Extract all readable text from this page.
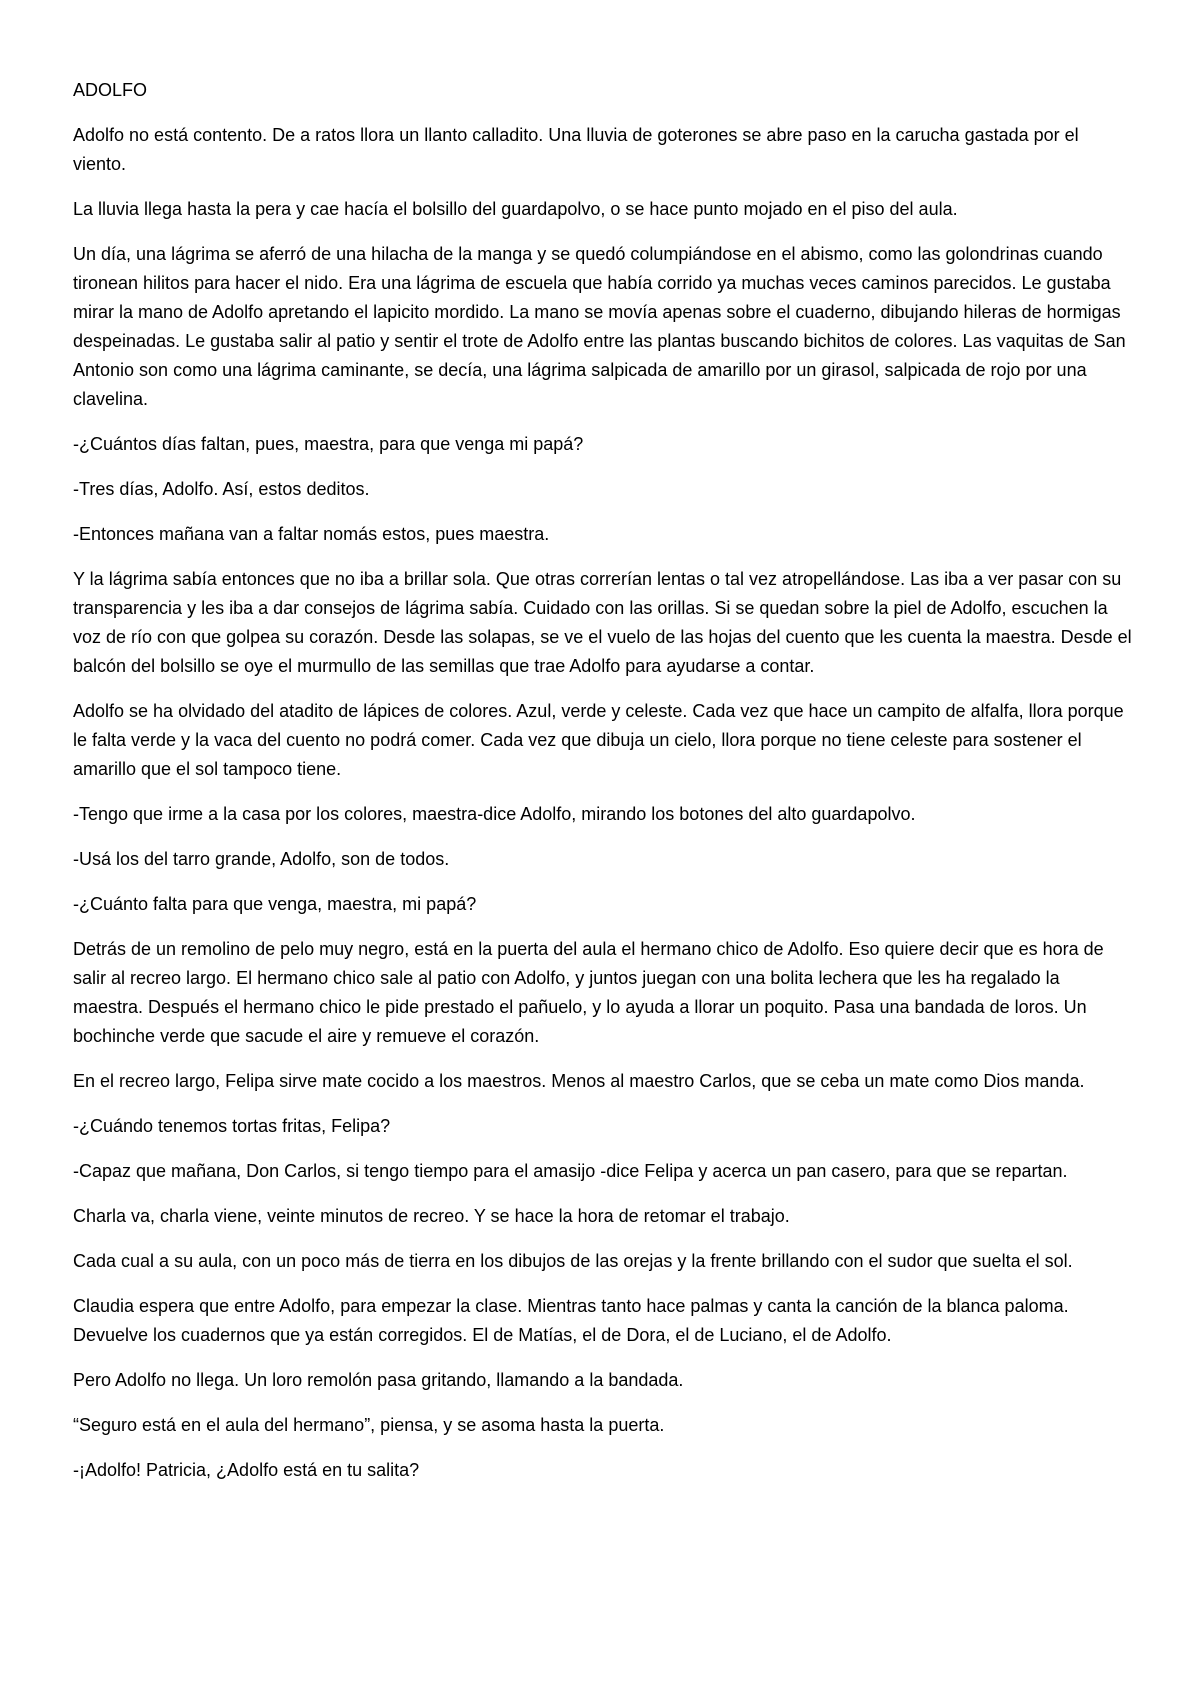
ADOLFO

Adolfo no está contento. De a ratos llora un llanto calladito. Una lluvia de goterones se abre paso en la carucha gastada por el viento.

La lluvia llega hasta la pera y cae hacía el bolsillo del guardapolvo, o se hace punto mojado en el piso del aula.

Un día, una lágrima se aferró de una hilacha de la manga y se quedó columpiándose en el abismo, como las golondrinas cuando tironean hilitos para hacer el nido. Era una lágrima de escuela que había corrido ya muchas veces caminos parecidos. Le gustaba mirar la mano de Adolfo apretando el lapicito mordido. La mano se movía apenas sobre el cuaderno, dibujando hileras de hormigas despeinadas. Le gustaba salir al patio y sentir el trote de Adolfo entre las plantas buscando bichitos de colores. Las vaquitas de San Antonio son como una lágrima caminante, se decía, una lágrima salpicada de amarillo por un girasol, salpicada de rojo por una clavelina.

-¿Cuántos días faltan, pues, maestra, para que venga mi papá?

-Tres días, Adolfo. Así, estos deditos.

-Entonces mañana van a faltar nomás estos, pues maestra.

Y la lágrima sabía entonces que no iba a brillar sola. Que otras correrían lentas o tal vez atropellándose. Las iba a ver pasar con su transparencia y les iba a dar consejos de lágrima sabía. Cuidado con las orillas. Si se quedan sobre la piel de Adolfo, escuchen la voz de río con que golpea su corazón. Desde las solapas, se ve el vuelo de las hojas del cuento que les cuenta la maestra. Desde el balcón del bolsillo se oye el murmullo de las semillas que trae Adolfo para ayudarse a contar.

Adolfo se ha olvidado del atadito de lápices de colores. Azul, verde y celeste. Cada vez que hace un campito de alfalfa, llora porque le falta verde y la vaca del cuento no podrá comer. Cada vez que dibuja un cielo, llora porque no tiene celeste para sostener el amarillo que el sol tampoco tiene.

-Tengo que irme a la casa por los colores, maestra-dice Adolfo, mirando los botones del alto guardapolvo.

-Usá los del tarro grande, Adolfo, son de todos.

-¿Cuánto falta para que venga, maestra, mi papá?

Detrás de un remolino de pelo muy negro, está en la puerta del aula el hermano chico de Adolfo. Eso quiere decir que es hora de salir al recreo largo. El hermano chico sale al patio con Adolfo, y juntos juegan con una bolita lechera que les ha regalado la maestra. Después el hermano chico le pide prestado el pañuelo, y lo ayuda a llorar un poquito. Pasa una bandada de loros. Un bochinche verde que sacude el aire y remueve el corazón.

En el recreo largo, Felipa sirve mate cocido a los maestros. Menos al maestro Carlos, que se ceba un mate como Dios manda.

-¿Cuándo tenemos tortas fritas, Felipa?

-Capaz que mañana, Don Carlos, si tengo tiempo para el amasijo -dice Felipa y acerca un pan casero, para que se repartan.

Charla va, charla viene, veinte minutos de recreo. Y se hace la hora de retomar el trabajo.

Cada cual a su aula, con un poco más de tierra en los dibujos de las orejas y la frente brillando con el sudor que suelta el sol.

Claudia espera que entre Adolfo, para empezar la clase. Mientras tanto hace palmas y canta la canción de la blanca paloma. Devuelve los cuadernos que ya están corregidos. El de Matías, el de Dora, el de Luciano, el de Adolfo.

Pero Adolfo no llega. Un loro remolón pasa gritando, llamando a la bandada.

“Seguro está en el aula del hermano”, piensa, y se asoma hasta la puerta.

-¡Adolfo! Patricia, ¿Adolfo está en tu salita?
